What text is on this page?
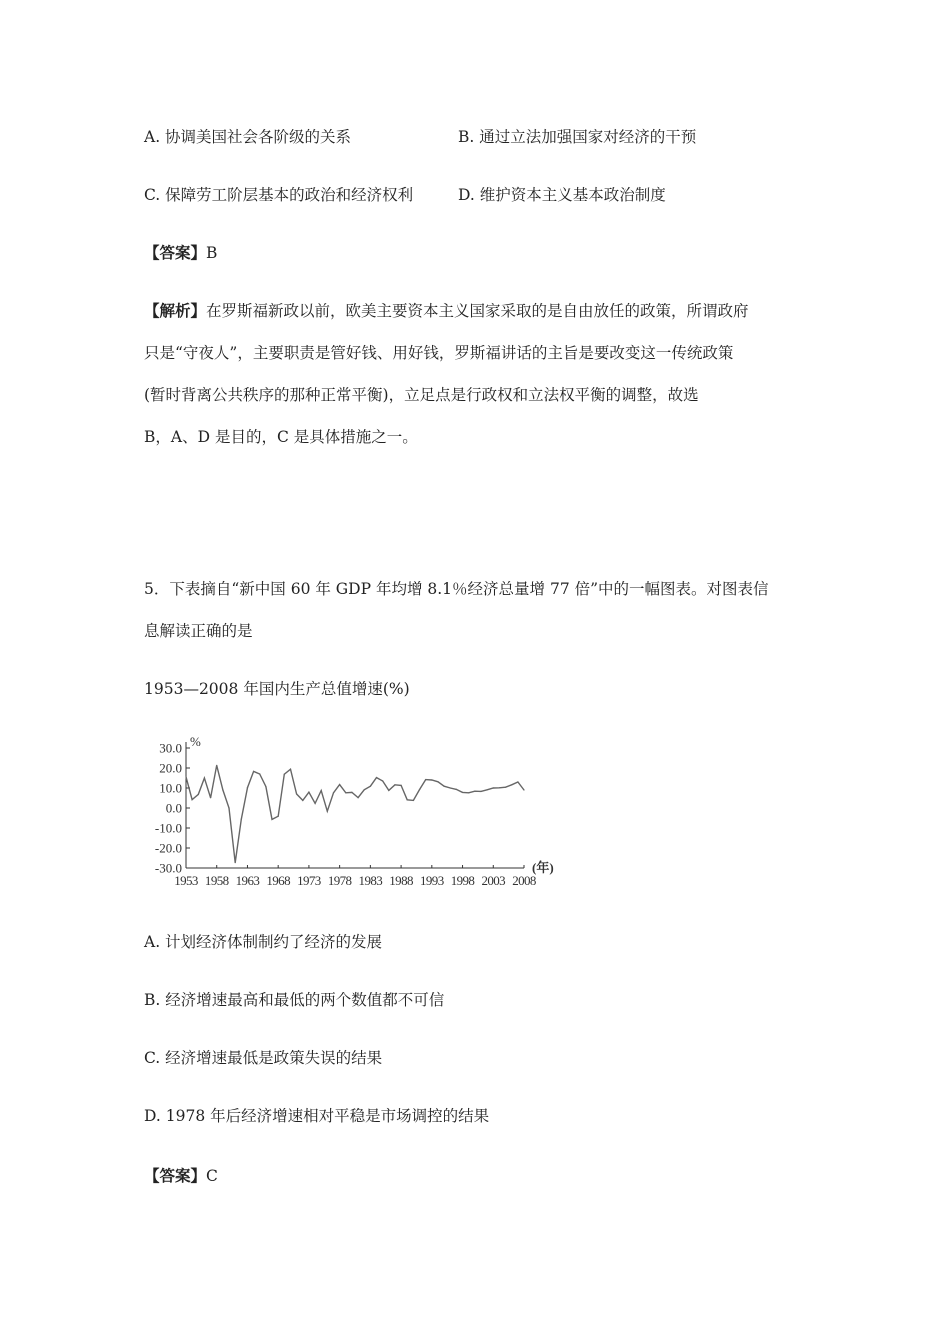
A. 协调美国社会各阶级的关系	B. 通过立法加强国家对经济的干预
C. 保障劳工阶层基本的政治和经济权利	D. 维护资本主义基本政治制度
【答案】B
【解析】在罗斯福新政以前，欧美主要资本主义国家采取的是自由放任的政策，所谓政府
只是“守夜人”，主要职责是管好钱、用好钱，罗斯福讲话的主旨是要改变这一传统政策
(暂时背离公共秩序的那种正常平衡)，立足点是行政权和立法权平衡的调整，故选
B，A、D 是目的，C 是具体措施之一。
5．下表摘自“新中国 60 年 GDP 年均增 8.1％经济总量增 77 倍”中的一幅图表。对图表信
息解读正确的是
1953—2008 年国内生产总值增速(%)
30.0
20.0
10.0
0.0
-10.0
-20.0
-30.0
1953 1958 1963 1968 1973 1978 1983 1988 1993 1998 2003 2008
%
(年)
A. 计划经济体制制约了经济的发展
B. 经济增速最高和最低的两个数值都不可信
C. 经济增速最低是政策失误的结果
D. 1978 年后经济增速相对平稳是市场调控的结果
【答案】C
